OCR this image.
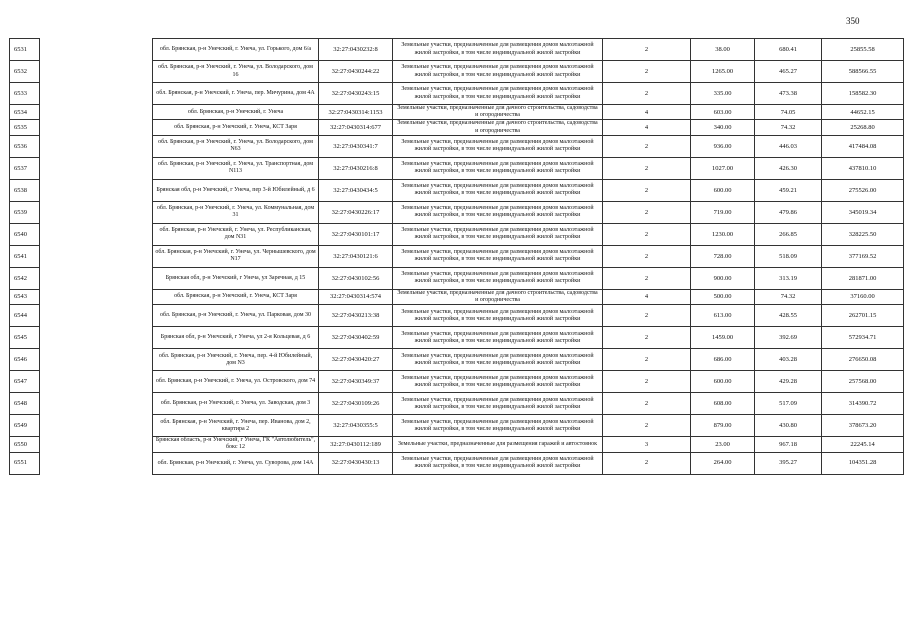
350
6531		обл. Брянская, р-н Унечский, г. Унеча, ул. Горького, дом 6/а	32:27:0430232:8	Земельные участки, предназначенные для размещения домов малоэтажной жилой застройки, в том числе индивидуальной жилой застройки	2	38.00	680.41	25855.58
6532		обл. Брянская, р-н Унечский, г. Унеча, ул. Володарского, дом 16	32:27:0430244:22	Земельные участки, предназначенные для размещения домов малоэтажной жилой застройки, в том числе индивидуальной жилой застройки	2	1265.00	465.27	588566.55
6533		обл. Брянская, р-н Унечский, г. Унеча, пер. Мичурина, дом 4А	32:27:0430243:15	Земельные участки, предназначенные для размещения домов малоэтажной жилой застройки, в том числе индивидуальной жилой застройки	2	335.00	473.38	158582.30
6534		обл. Брянская, р-н Унечский, г. Унеча	32:27:0430314:1153	Земельные участки, предназначенные для дачного строительства, садоводства и огородничества	4	603.00	74.05	44652.15
6535		обл. Брянская, р-н Унечский, г. Унеча, КСТ Заря	32:27:0430314:677	Земельные участки, предназначенные для дачного строительства, садоводства и огородничества	4	340.00	74.32	25268.80
6536		обл. Брянская, р-н Унечский, г. Унеча, ул. Володарского, дом N63	32:27:0430341:7	Земельные участки, предназначенные для размещения домов малоэтажной жилой застройки, в том числе индивидуальной жилой застройки	2	936.00	446.03	417484.08
6537		обл. Брянская, р-н Унечский, г. Унеча, ул. Транспортная, дом N113	32:27:0430216:8	Земельные участки, предназначенные для размещения домов малоэтажной жилой застройки, в том числе индивидуальной жилой застройки	2	1027.00	426.30	437810.10
6538		Брянская обл, р-н Унечский, г Унеча, пер 3-й Юбилейный, д 6	32:27:0430434:5	Земельные участки, предназначенные для размещения домов малоэтажной жилой застройки, в том числе индивидуальной жилой застройки	2	600.00	459.21	275526.00
6539		обл. Брянская, р-н Унечский, г. Унеча, ул. Коммунальная, дом 31	32:27:0430226:17	Земельные участки, предназначенные для размещения домов малоэтажной жилой застройки, в том числе индивидуальной жилой застройки	2	719.00	479.86	345019.34
6540		обл. Брянская, р-н Унечский, г. Унеча, ул. Республиканская, дом N31	32:27:0430101:17	Земельные участки, предназначенные для размещения домов малоэтажной жилой застройки, в том числе индивидуальной жилой застройки	2	1230.00	266.85	328225.50
6541		обл. Брянская, р-н Унечский, г. Унеча, ул. Чернышевского, дом N17	32:27:0430121:6	Земельные участки, предназначенные для размещения домов малоэтажной жилой застройки, в том числе индивидуальной жилой застройки	2	728.00	518.09	377169.52
6542		Брянская обл, р-н Унечский, г Унеча, ул Заречная, д 15	32:27:0430102:56	Земельные участки, предназначенные для размещения домов малоэтажной жилой застройки, в том числе индивидуальной жилой застройки	2	900.00	313.19	281871.00
6543		обл. Брянская, р-н Унечский, г. Унеча, КСТ Заря	32:27:0430314:574	Земельные участки, предназначенные для дачного строительства, садоводства и огородничества	4	500.00	74.32	37160.00
6544		обл. Брянская, р-н Унечский, г. Унеча, ул. Парковая, дом 30	32:27:0430213:38	Земельные участки, предназначенные для размещения домов малоэтажной жилой застройки, в том числе индивидуальной жилой застройки	2	613.00	428.55	262701.15
6545		Брянская обл, р-н Унечский, г Унеча, ул 2-я Кольцевая, д 6	32:27:0430402:59	Земельные участки, предназначенные для размещения домов малоэтажной жилой застройки, в том числе индивидуальной жилой застройки	2	1459.00	392.69	572934.71
6546		обл. Брянская, р-н Унечский, г. Унеча, пер. 4-й Юбилейный, дом N3	32:27:0430420:27	Земельные участки, предназначенные для размещения домов малоэтажной жилой застройки, в том числе индивидуальной жилой застройки	2	686.00	403.28	276650.08
6547		обл. Брянская, р-н Унечский, г. Унеча, ул. Островского, дом 74	32:27:0430349:37	Земельные участки, предназначенные для размещения домов малоэтажной жилой застройки, в том числе индивидуальной жилой застройки	2	600.00	429.28	257568.00
6548		обл. Брянская, р-н Унечский, г. Унеча, ул. Заводская, дом 3	32:27:0430109:26	Земельные участки, предназначенные для размещения домов малоэтажной жилой застройки, в том числе индивидуальной жилой застройки	2	608.00	517.09	314390.72
6549		обл. Брянская, р-н Унечский, г. Унеча, пер. Иванова, дом 2, квартира 2	32:27:0430355:5	Земельные участки, предназначенные для размещения домов малоэтажной жилой застройки, в том числе индивидуальной жилой застройки	2	879.00	430.80	378673.20
6550		Брянская область, р-н Унечский, г Унеча, ГК "Автолюбитель", бокс 12	32:27:0430112:189	Земельные участки, предназначенные для размещения гаражей и автостоянок	3	23.00	967.18	22245.14
6551		обл. Брянская, р-н Унечский, г. Унеча, ул. Суворова, дом 14А	32:27:0430430:13	Земельные участки, предназначенные для размещения домов малоэтажной жилой застройки, в том числе индивидуальной жилой застройки	2	264.00	395.27	104351.28
